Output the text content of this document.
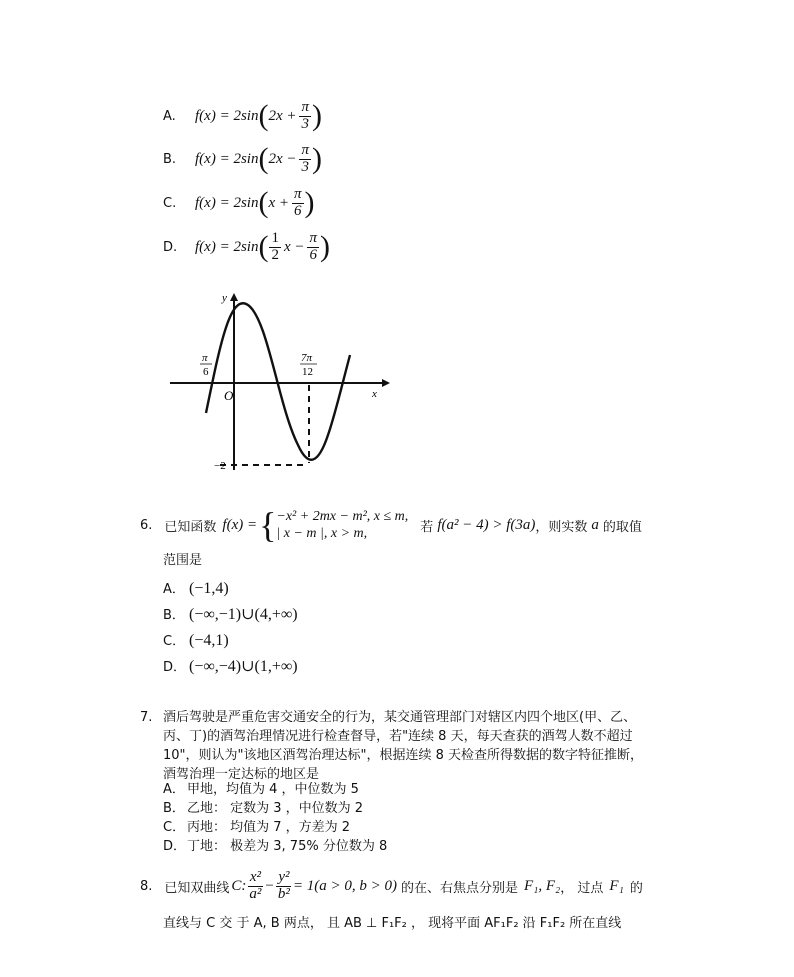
A.	f(x) = 2sin ( $2x + \frac{\pi}{3}$ )
B.	f(x) = 2sin ( $2x - \frac{\pi}{3}$ )
C.	f(x) = 2sin ( $x + \frac{\pi}{6}$ )
D.	f(x) = 2sin ( $\frac{1}{2}$ $x - \frac{\pi}{6}$ )
y
x
O
π
6
7π
12
−2
6. 已知函数 f(x) = { −x² + 2mx − m², x ≤ m,
| x − m |, x > m,	若 f(a² − 4) > f(3a) ，则实数 a 的取值
范围是
A． (−1,4)
B． (−∞,−1)∪(4,+∞)
C． (−4,1)
D． (−∞,−4)∪(1,+∞)
7. 酒后驾驶是严重危害交通安全的行为，某交通管理部门对辖区内四个地区(甲、乙、
丙、丁)的酒驾治理情况进行检查督导，若"连续 8 天，每天查获的酒驾人数不超过
10"，则认为"该地区酒驾治理达标"，根据连续 8 天检查所得数据的数字特征推断，
酒驾治理一定达标的地区是
A． 甲地，均值为 4 ，中位数为 5
B． 乙地： 定数为 3 ，中位数为 2
C． 丙地： 均值为 7 ，方差为 2
D．丁地： 极差为 3, 75% 分位数为 8
8. 已知双曲线 C: $\frac{\text{x²}}{\text{a²}} - \frac{\text{y²}}{\text{b²}} = 1(a > 0$, b > 0) 的在、右焦点分别是 F₁, F₂ ， 过点 F₁ 的
直线与 C 交 于 A, B 两点， 且 AB ⊥ F₁F₂ ， 现将平面 AF₁F₂ 沿 F₁F₂ 所在直线
